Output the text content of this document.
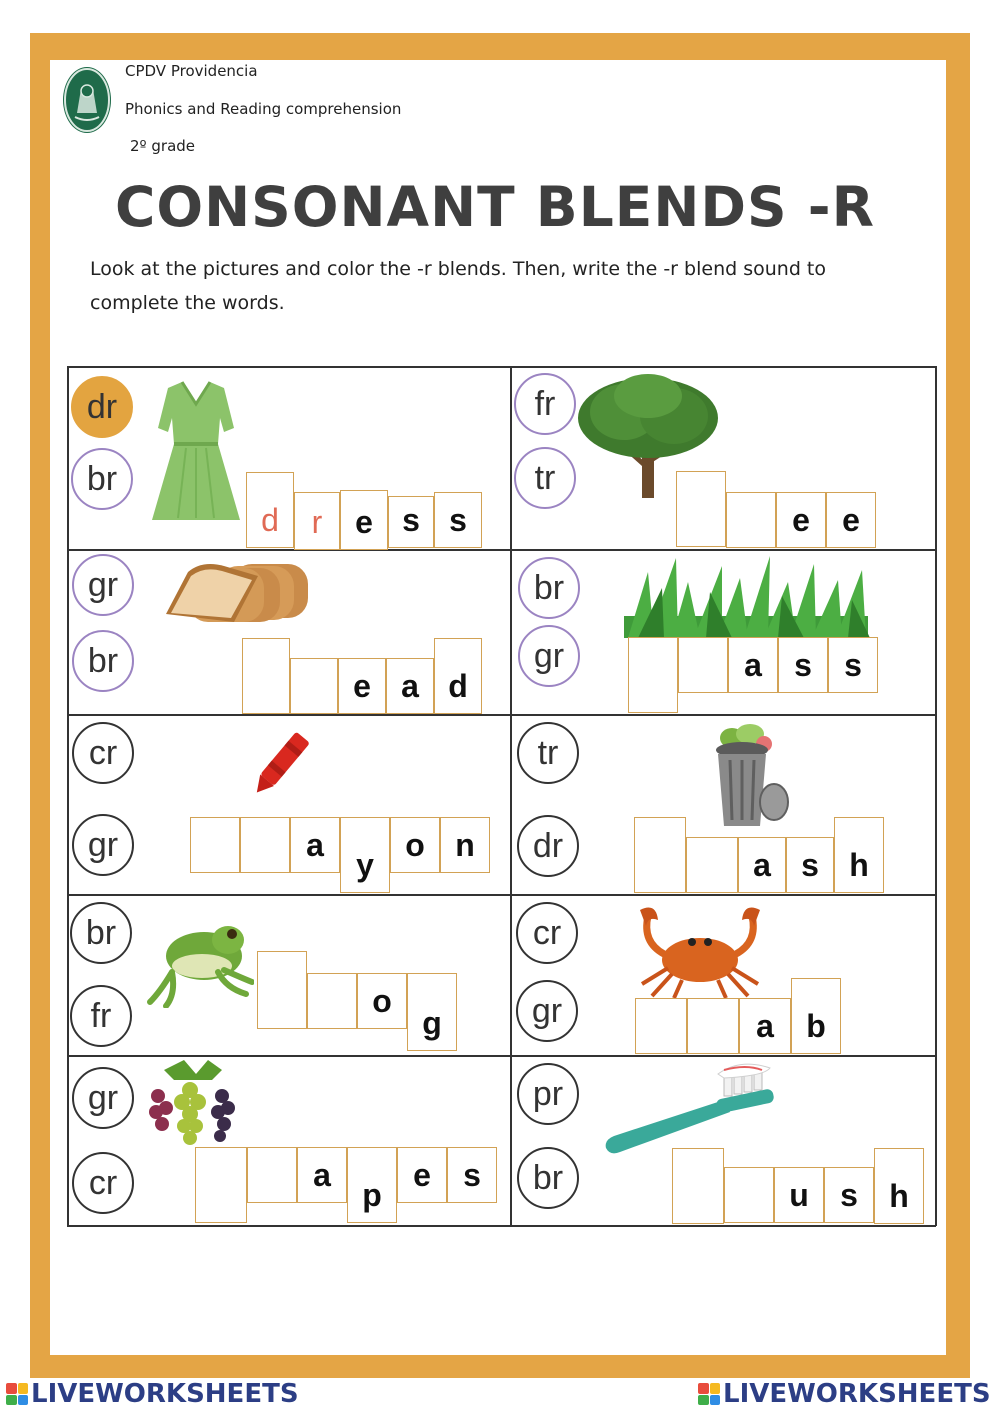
CPDV Providencia
Phonics and Reading comprehension
2º grade
CONSONANT BLENDS -R
Look at the pictures and color the -r blends. Then, write the -r blend sound to complete the words.
dr
br
d	r	e s s
fr
tr
e	e
gr
br
e a d
br
gr	a	s	s
cr
gr	a
y
o n
tr
dr	a s h
br
fr	o
g
cr
gr	a	b
gr
cr	a
p
e	s
pr
br	u s h
LIVEWORKSHEETS	LIVEWORKSHEETS
